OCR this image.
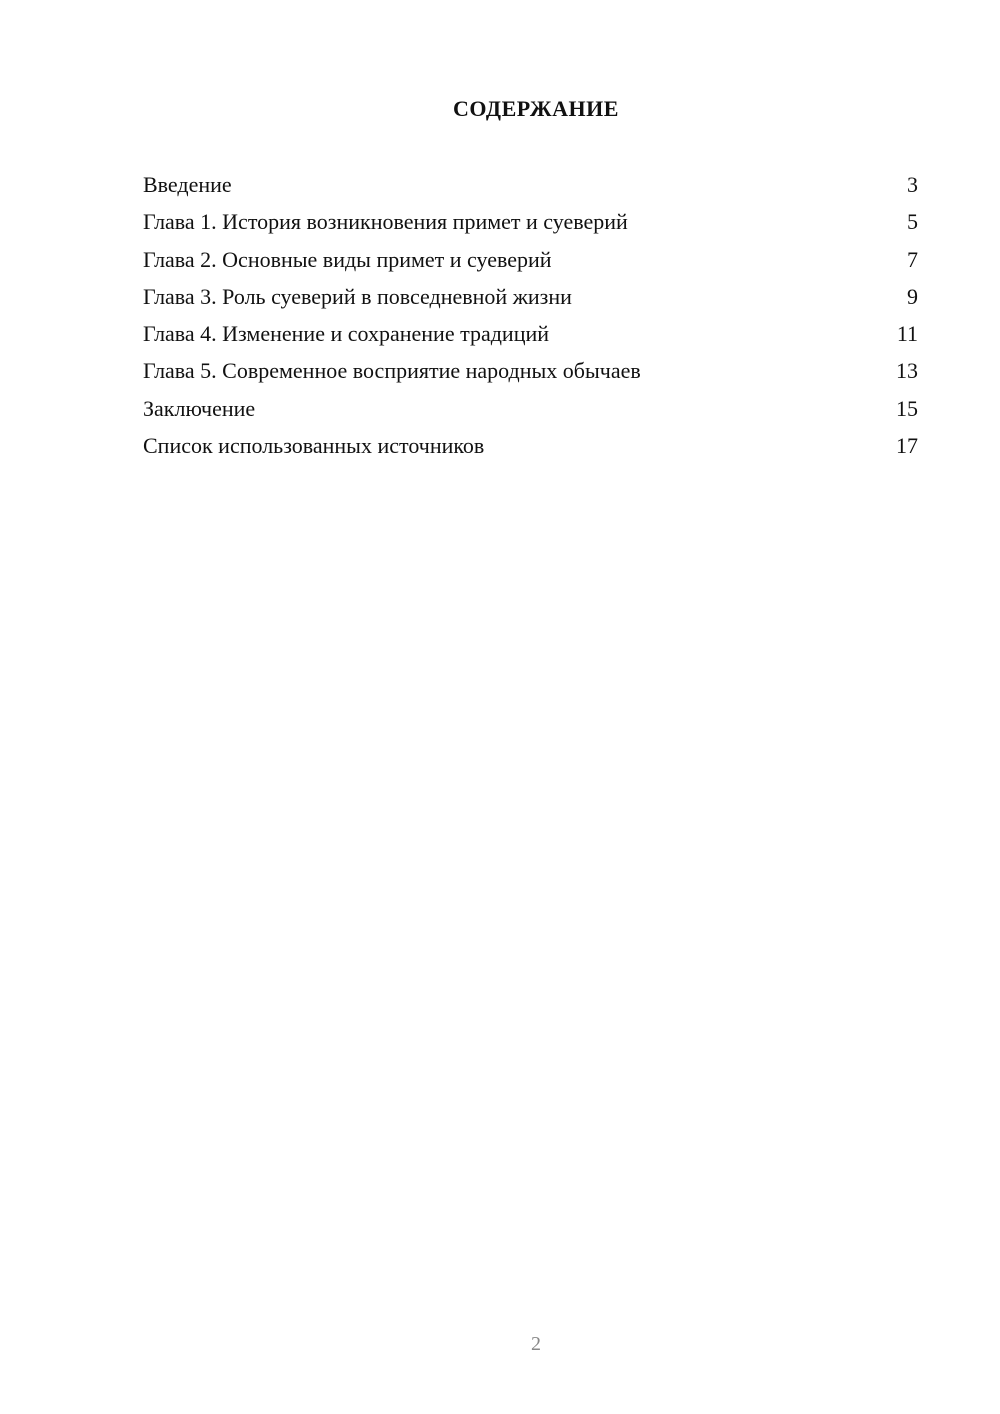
СОДЕРЖАНИЕ
Введение	3
Глава 1. История возникновения примет и суеверий	5
Глава 2. Основные виды примет и суеверий	7
Глава 3. Роль суеверий в повседневной жизни	9
Глава 4. Изменение и сохранение традиций	11
Глава 5. Современное восприятие народных обычаев	13
Заключение	15
Список использованных источников	17
2
